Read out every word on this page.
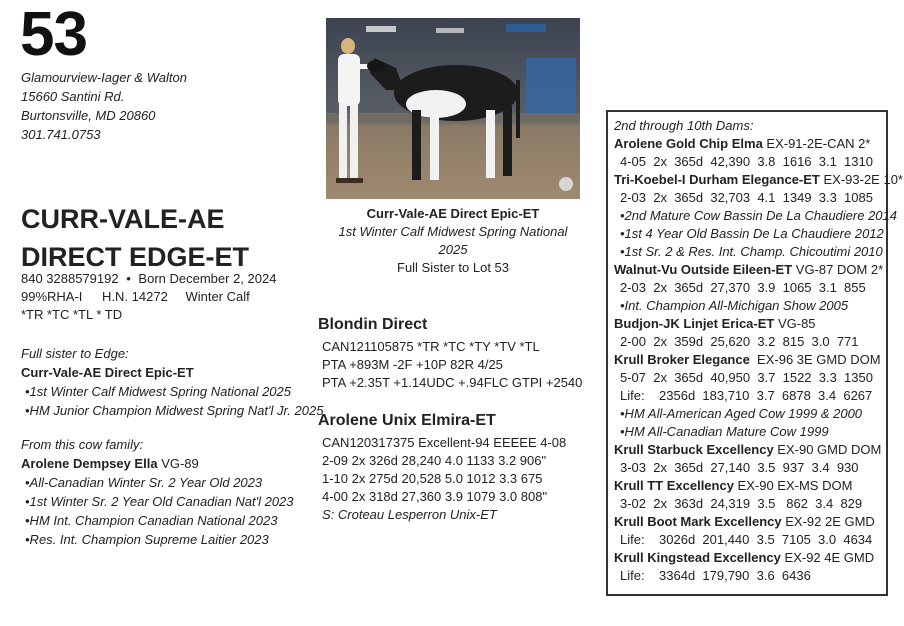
53
Glamourview-Iager & Walton
15660 Santini Rd.
Burtonsville, MD 20860
301.741.0753
CURR-VALE-AE
DIRECT EDGE-ET
840 3288579192 • Born December 2, 2024
99%RHA-I H.N. 14272 Winter Calf
*TR *TC *TL * TD
Full sister to Edge:
Curr-Vale-AE Direct Epic-ET
•1st Winter Calf Midwest Spring National 2025
•HM Junior Champion Midwest Spring Nat'l Jr. 2025
From this cow family:
Arolene Dempsey Ella VG-89
•All-Canadian Winter Sr. 2 Year Old 2023
•1st Winter Sr. 2 Year Old Canadian Nat'l 2023
•HM Int. Champion Canadian National 2023
•Res. Int. Champion Supreme Laitier 2023
Curr-Vale-AE Direct Epic-ET
1st Winter Calf Midwest Spring National 2025
Full Sister to Lot 53
Blondin Direct
CAN121105875 *TR *TC *TY *TV *TL
PTA +893M -2F +10P 82R 4/25
PTA +2.35T +1.14UDC +.94FLC GTPI +2540
Arolene Unix Elmira-ET
CAN120317375 Excellent-94 EEEEE 4-08
2-09 2x 326d 28,240 4.0 1133 3.2 906"
1-10 2x 275d 20,528 5.0 1012 3.3 675
4-00 2x 318d 27,360 3.9 1079 3.0 808"
S: Croteau Lesperron Unix-ET
2nd through 10th Dams:
Arolene Gold Chip Elma EX-91-2E-CAN 2*
4-05  2x  365d  42,390  3.8  1616  3.1  1310
Tri-Koebel-I Durham Elegance-ET EX-93-2E 10*
2-03  2x  365d  32,703  4.1  1349  3.3  1085
•2nd Mature Cow Bassin De La Chaudiere 2014
•1st 4 Year Old Bassin De La Chaudiere 2012
•1st Sr. 2 & Res. Int. Champ. Chicoutimi 2010
Walnut-Vu Outside Eileen-ET VG-87 DOM 2*
2-03  2x  365d  27,370  3.9  1065  3.1  855
•Int. Champion All-Michigan Show 2005
Budjon-JK Linjet Erica-ET VG-85
2-00  2x  359d  25,620  3.2  815  3.0  771
Krull Broker Elegance  EX-96 3E GMD DOM
5-07  2x  365d  40,950  3.7  1522  3.3  1350
Life:    2356d  183,710  3.7  6878  3.4  6267
•HM All-American Aged Cow 1999 & 2000
•HM All-Canadian Mature Cow 1999
Krull Starbuck Excellency EX-90 GMD DOM
3-03  2x  365d  27,140  3.5  937  3.4  930
Krull TT Excellency EX-90 EX-MS DOM
3-02  2x  363d  24,319  3.5   862  3.4  829
Krull Boot Mark Excellency EX-92 2E GMD
Life:    3026d  201,440  3.5  7105  3.0  4634
Krull Kingstead Excellency EX-92 4E GMD
Life:    3364d  179,790  3.6  6436
